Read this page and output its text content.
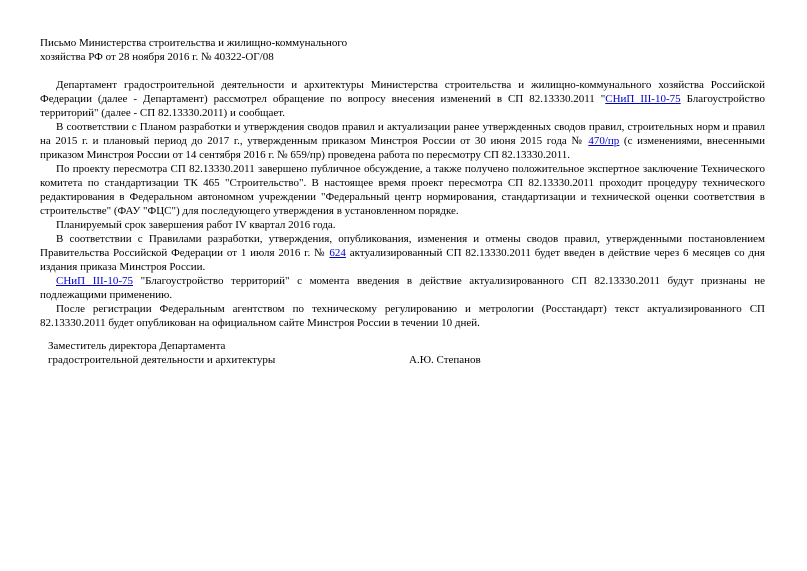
Письмо Министерства строительства и жилищно-коммунального
хозяйства РФ от 28 ноября 2016 г. № 40322-ОГ/08

Департамент градостроительной деятельности и архитектуры Министерства строительства и жилищно-коммунального хозяйства Российской Федерации (далее - Департамент) рассмотрел обращение по вопросу внесения изменений в СП 82.13330.2011 "СНиП III-10-75 Благоустройство территорий" (далее - СП 82.13330.2011) и сообщает.

В соответствии с Планом разработки и утверждения сводов правил и актуализации ранее утвержденных сводов правил, строительных норм и правил на 2015 г. и плановый период до 2017 г., утвержденным приказом Минстроя России от 30 июня 2015 года № 470/пр (с изменениями, внесенными приказом Минстроя России от 14 сентября 2016 г. № 659/пр) проведена работа по пересмотру СП 82.13330.2011.

По проекту пересмотра СП 82.13330.2011 завершено публичное обсуждение, а также получено положительное экспертное заключение Технического комитета по стандартизации ТК 465 "Строительство". В настоящее время проект пересмотра СП 82.13330.2011 проходит процедуру технического редактирования в Федеральном автономном учреждении "Федеральный центр нормирования, стандартизации и технической оценки соответствия в строительстве" (ФАУ "ФЦС") для последующего утверждения в установленном порядке.

Планируемый срок завершения работ IV квартал 2016 года.

В соответствии с Правилами разработки, утверждения, опубликования, изменения и отмены сводов правил, утвержденными постановлением Правительства Российской Федерации от 1 июля 2016 г. № 624 актуализированный СП 82.13330.2011 будет введен в действие через 6 месяцев со дня издания приказа Минстроя России.

СНиП III-10-75 "Благоустройство территорий" с момента введения в действие актуализированного СП 82.13330.2011 будут признаны не подлежащими применению.

После регистрации Федеральным агентством по техническому регулированию и метрологии (Росстандарт) текст актуализированного СП 82.13330.2011 будет опубликован на официальном сайте Минстроя России в течении 10 дней.

Заместитель директора Департамента
градостроительной деятельности и архитектуры	А.Ю. Степанов
